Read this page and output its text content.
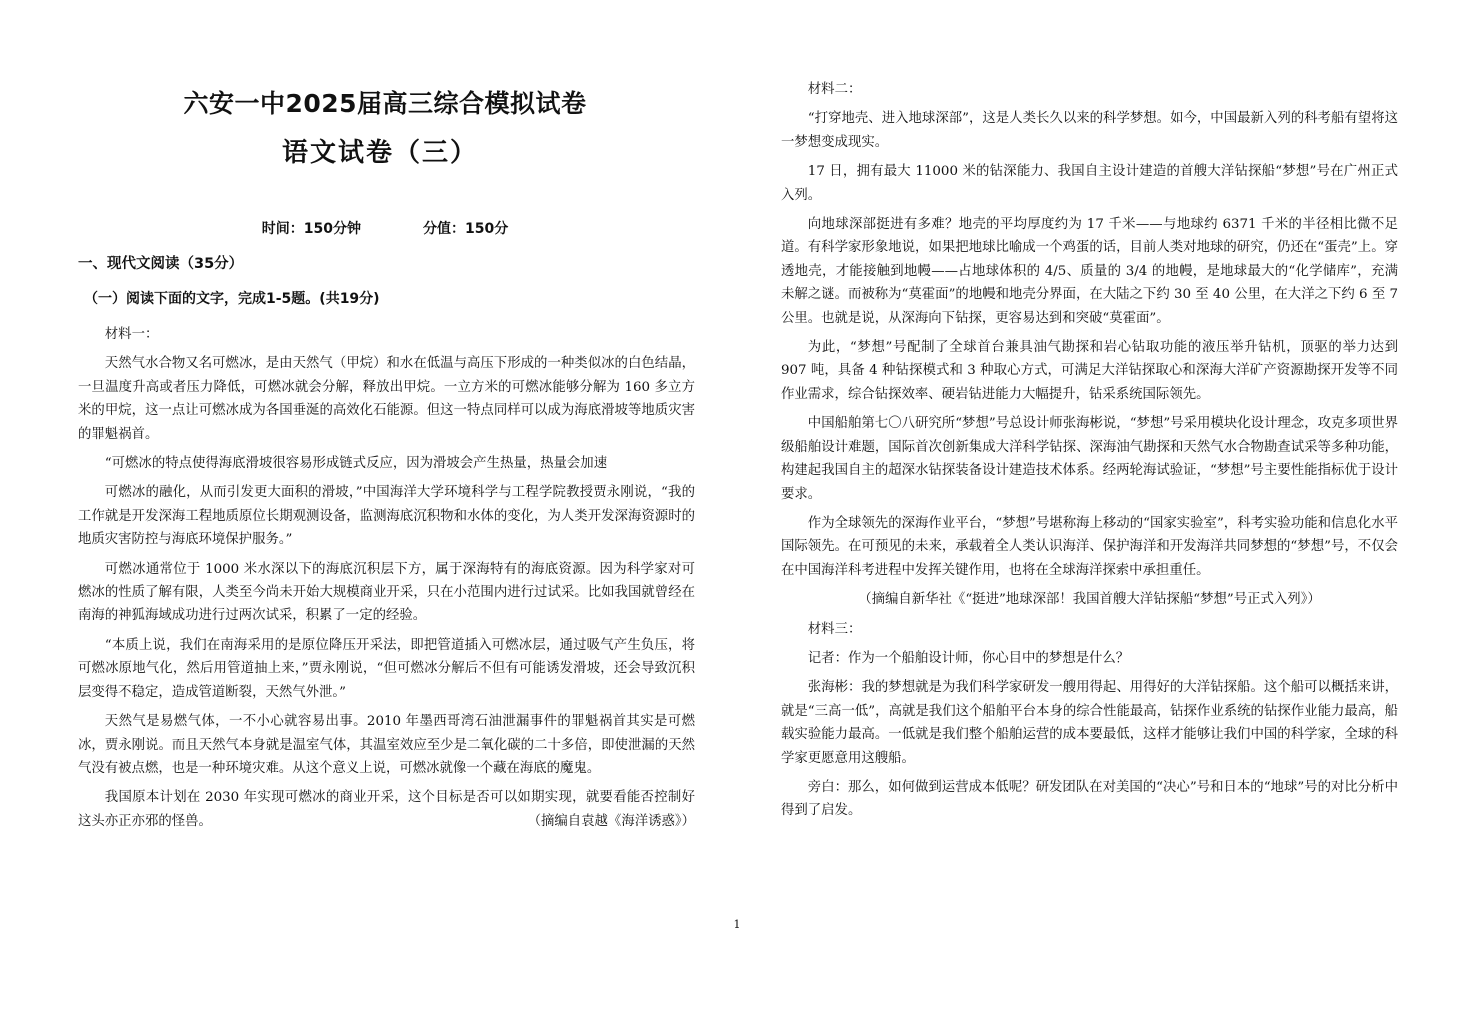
六安一中2025届高三综合模拟试卷
语文试卷（三）
时间：150分钟	分值：150分
一、现代文阅读（35分）
（一）阅读下面的文字，完成1-5题。(共19分)

材料一：

天然气水合物又名可燃冰，是由天然气（甲烷）和水在低温与高压下形成的一种类似冰的白色结晶，一旦温度升高或者压力降低，可燃冰就会分解，释放出甲烷。一立方米的可燃冰能够分解为 160 多立方米的甲烷，这一点让可燃冰成为各国垂涎的高效化石能源。但这一特点同样可以成为海底滑坡等地质灾害的罪魁祸首。

“可燃冰的特点使得海底滑坡很容易形成链式反应，因为滑坡会产生热量，热量会加速

可燃冰的融化，从而引发更大面积的滑坡，”中国海洋大学环境科学与工程学院教授贾永刚说，“我的工作就是开发深海工程地质原位长期观测设备，监测海底沉积物和水体的变化，为人类开发深海资源时的地质灾害防控与海底环境保护服务。”

可燃冰通常位于 1000 米水深以下的海底沉积层下方，属于深海特有的海底资源。因为科学家对可燃冰的性质了解有限，人类至今尚未开始大规模商业开采，只在小范围内进行过试采。比如我国就曾经在南海的神狐海域成功进行过两次试采，积累了一定的经验。

“本质上说，我们在南海采用的是原位降压开采法，即把管道插入可燃冰层，通过吸气产生负压，将可燃冰原地气化，然后用管道抽上来，”贾永刚说，“但可燃冰分解后不但有可能诱发滑坡，还会导致沉积层变得不稳定，造成管道断裂，天然气外泄。”

天然气是易燃气体，一不小心就容易出事。2010 年墨西哥湾石油泄漏事件的罪魁祸首其实是可燃冰，贾永刚说。而且天然气本身就是温室气体，其温室效应至少是二氧化碳的二十多倍，即使泄漏的天然气没有被点燃，也是一种环境灾难。从这个意义上说，可燃冰就像一个藏在海底的魔鬼。

我国原本计划在 2030 年实现可燃冰的商业开采，这个目标是否可以如期实现，就要看能否控制好这头亦正亦邪的怪兽。	（摘编自袁越《海洋诱惑》）

材料二：

“打穿地壳、进入地球深部”，这是人类长久以来的科学梦想。如今，中国最新入列的科考船有望将这一梦想变成现实。

17 日，拥有最大 11000 米的钻深能力、我国自主设计建造的首艘大洋钻探船“梦想”号在广州正式入列。

向地球深部挺进有多难？地壳的平均厚度约为 17 千米——与地球约 6371 千米的半径相比微不足道。有科学家形象地说，如果把地球比喻成一个鸡蛋的话，目前人类对地球的研究，仍还在“蛋壳”上。穿透地壳，才能接触到地幔——占地球体积的 4/5、质量的 3/4 的地幔，是地球最大的“化学储库”，充满未解之谜。而被称为“莫霍面”的地幔和地壳分界面，在大陆之下约 30 至 40 公里，在大洋之下约 6 至 7 公里。也就是说，从深海向下钻探，更容易达到和突破“莫霍面”。

为此，“梦想”号配制了全球首台兼具油气勘探和岩心钻取功能的液压举升钻机，顶驱的举力达到 907 吨，具备 4 种钻探模式和 3 种取心方式，可满足大洋钻探取心和深海大洋矿产资源勘探开发等不同作业需求，综合钻探效率、硬岩钻进能力大幅提升，钻采系统国际领先。

中国船舶第七〇八研究所“梦想”号总设计师张海彬说，“梦想”号采用模块化设计理念，攻克多项世界级船舶设计难题，国际首次创新集成大洋科学钻探、深海油气勘探和天然气水合物勘查试采等多种功能，构建起我国自主的超深水钻探装备设计建造技术体系。经两轮海试验证，“梦想”号主要性能指标优于设计要求。

作为全球领先的深海作业平台，“梦想”号堪称海上移动的“国家实验室”，科考实验功能和信息化水平国际领先。在可预见的未来，承载着全人类认识海洋、保护海洋和开发海洋共同梦想的“梦想”号，不仅会在中国海洋科考进程中发挥关键作用，也将在全球海洋探索中承担重任。

（摘编自新华社《“挺进”地球深部！我国首艘大洋钻探船“梦想”号正式入列》）

材料三：

记者：作为一个船舶设计师，你心目中的梦想是什么？

张海彬：我的梦想就是为我们科学家研发一艘用得起、用得好的大洋钻探船。这个船可以概括来讲，就是“三高一低”，高就是我们这个船舶平台本身的综合性能最高，钻探作业系统的钻探作业能力最高，船载实验能力最高。一低就是我们整个船舶运营的成本要最低，这样才能够让我们中国的科学家，全球的科学家更愿意用这艘船。

旁白：那么，如何做到运营成本低呢？研发团队在对美国的“决心”号和日本的“地球”号的对比分析中得到了启发。

1
